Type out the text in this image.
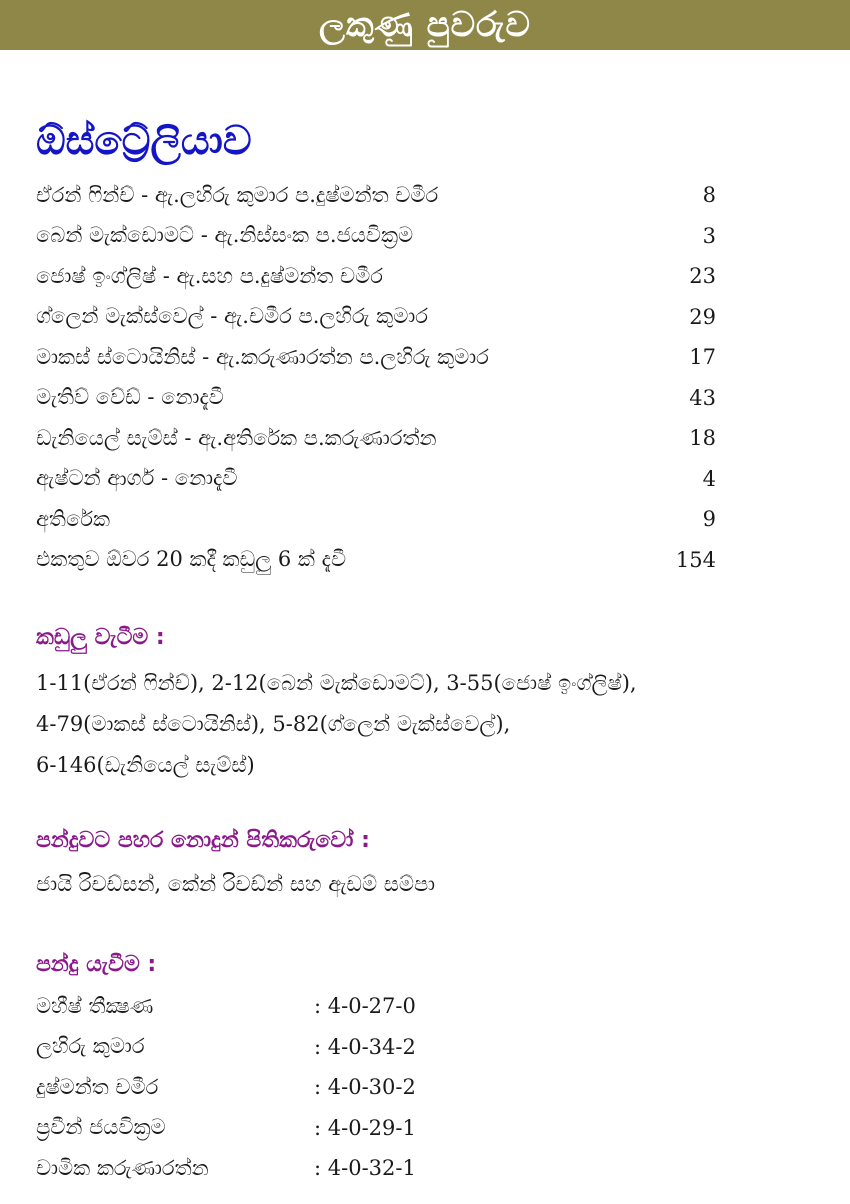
ලකුණු පුවරුව
ඕස්ට්‍රේලියාව
ඒරන් ෆින්ච් - ඇ.ලහිරු කුමාර ප.දුෂ්මන්ත චමීර	8
බෙන් මැක්ඩොමට් - ඇ.නිස්සංක ප.ජයවික්‍රම	3
ජොෂ් ඉංග්ලිෂ් - ඇ.සහ ප.දුෂ්මන්ත චමීර	23
ග්ලෙන් මැක්ස්වෙල් - ඇ.චමීර ප.ලහිරු කුමාර	29
මාකස් ස්ටොයිනිස් - ඇ.කරුණාරත්න ප.ලහිරු කුමාර	17
මැතිව් වේඩ් - නොදැවී	43
ඩැනියෙල් සැම්ස් - ඇ.අතිරේක ප.කරුණාරත්න	18
ඇෂ්ටන් ආගර් - නොදැවී	4
අතිරේක	9
එකතුව ඕවර 20 කදී කඩුලු 6 ක් දැවී	154
කඩුලු වැටීම :
1-11(ඒරන් ෆින්ච්), 2-12(බෙන් මැක්ඩොමට්), 3-55(ජොෂ් ඉංග්ලිෂ්),
4-79(මාකස් ස්ටොයිනිස්), 5-82(ග්ලෙන් මැක්ස්වෙල්),
6-146(ඩැනියෙල් සැම්ස්)
පන්දුවට පහර නොදුන් පිතිකරුවෝ :
ජායි රිචඩ්සන්, කේන් රිචඩ්න් සහ ඇඩම් සම්පා
පන්දු යැවීම :
මහීෂ් තීක්‍ෂණ	: 4-0-27-0
ලහිරු කුමාර	: 4-0-34-2
දුෂ්මන්ත චමීර	: 4-0-30-2
ප්‍රවීන් ජයවික්‍රම	: 4-0-29-1
චාමික කරුණාරත්න	: 4-0-32-1
